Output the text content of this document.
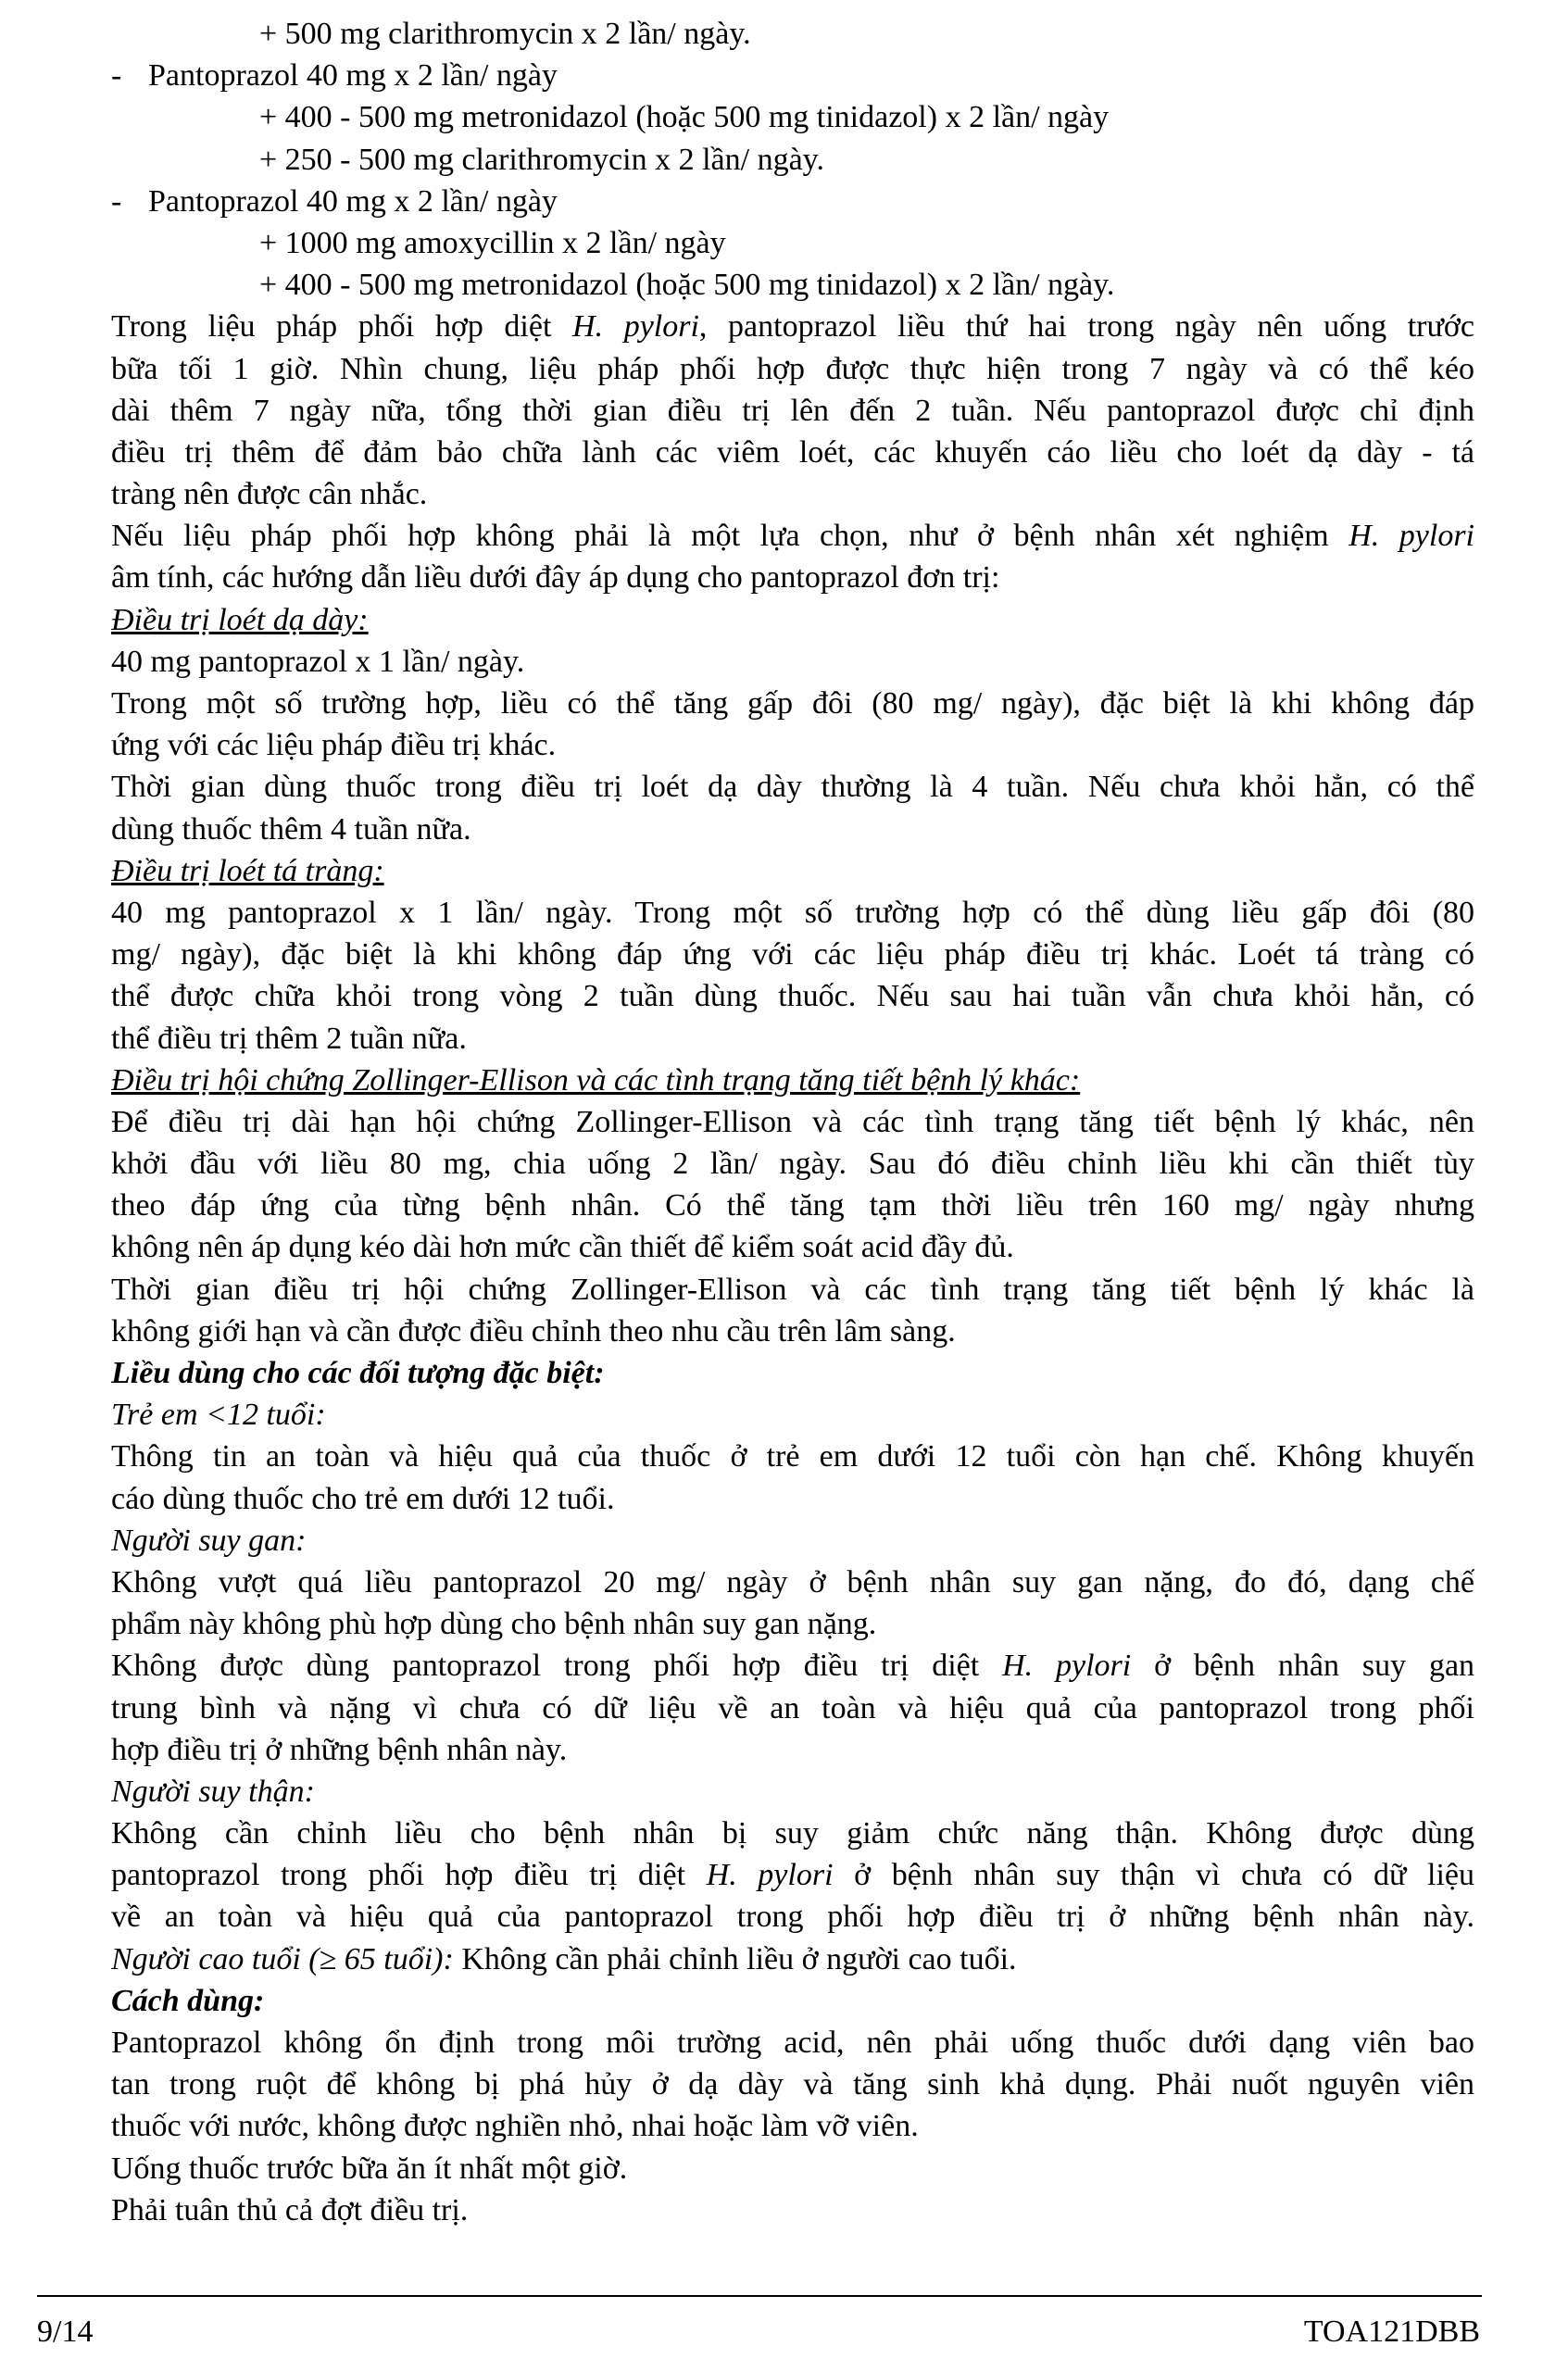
+ 500 mg clarithromycin x 2 lần/ ngày.
- Pantoprazol 40 mg x 2 lần/ ngày
+ 400 - 500 mg metronidazol (hoặc 500 mg tinidazol) x 2 lần/ ngày
+ 250 - 500 mg clarithromycin x 2 lần/ ngày.
- Pantoprazol 40 mg x 2 lần/ ngày
+ 1000 mg amoxycillin x 2 lần/ ngày
+ 400 - 500 mg metronidazol (hoặc 500 mg tinidazol) x 2 lần/ ngày.
Trong liệu pháp phối hợp diệt H. pylori, pantoprazol liều thứ hai trong ngày nên uống trước
bữa tối 1 giờ. Nhìn chung, liệu pháp phối hợp được thực hiện trong 7 ngày và có thể kéo
dài thêm 7 ngày nữa, tổng thời gian điều trị lên đến 2 tuần. Nếu pantoprazol được chỉ định
điều trị thêm để đảm bảo chữa lành các viêm loét, các khuyến cáo liều cho loét dạ dày - tá
tràng nên được cân nhắc.
Nếu liệu pháp phối hợp không phải là một lựa chọn, như ở bệnh nhân xét nghiệm H. pylori
âm tính, các hướng dẫn liều dưới đây áp dụng cho pantoprazol đơn trị:
Điều trị loét dạ dày:
40 mg pantoprazol x 1 lần/ ngày.
Trong một số trường hợp, liều có thể tăng gấp đôi (80 mg/ ngày), đặc biệt là khi không đáp
ứng với các liệu pháp điều trị khác.
Thời gian dùng thuốc trong điều trị loét dạ dày thường là 4 tuần. Nếu chưa khỏi hẳn, có thể
dùng thuốc thêm 4 tuần nữa.
Điều trị loét tá tràng:
40 mg pantoprazol x 1 lần/ ngày. Trong một số trường hợp có thể dùng liều gấp đôi (80
mg/ ngày), đặc biệt là khi không đáp ứng với các liệu pháp điều trị khác. Loét tá tràng có
thể được chữa khỏi trong vòng 2 tuần dùng thuốc. Nếu sau hai tuần vẫn chưa khỏi hẳn, có
thể điều trị thêm 2 tuần nữa.
Điều trị hội chứng Zollinger-Ellison và các tình trạng tăng tiết bệnh lý khác:
Để điều trị dài hạn hội chứng Zollinger-Ellison và các tình trạng tăng tiết bệnh lý khác, nên
khởi đầu với liều 80 mg, chia uống 2 lần/ ngày. Sau đó điều chỉnh liều khi cần thiết tùy
theo đáp ứng của từng bệnh nhân. Có thể tăng tạm thời liều trên 160 mg/ ngày nhưng
không nên áp dụng kéo dài hơn mức cần thiết để kiểm soát acid đầy đủ.
Thời gian điều trị hội chứng Zollinger-Ellison và các tình trạng tăng tiết bệnh lý khác là
không giới hạn và cần được điều chỉnh theo nhu cầu trên lâm sàng.
Liều dùng cho các đối tượng đặc biệt:
Trẻ em <12 tuổi:
Thông tin an toàn và hiệu quả của thuốc ở trẻ em dưới 12 tuổi còn hạn chế. Không khuyến
cáo dùng thuốc cho trẻ em dưới 12 tuổi.
Người suy gan:
Không vượt quá liều pantoprazol 20 mg/ ngày ở bệnh nhân suy gan nặng, đo đó, dạng chế
phẩm này không phù hợp dùng cho bệnh nhân suy gan nặng.
Không được dùng pantoprazol trong phối hợp điều trị diệt H. pylori ở bệnh nhân suy gan
trung bình và nặng vì chưa có dữ liệu về an toàn và hiệu quả của pantoprazol trong phối
hợp điều trị ở những bệnh nhân này.
Người suy thận:
Không cần chỉnh liều cho bệnh nhân bị suy giảm chức năng thận. Không được dùng
pantoprazol trong phối hợp điều trị diệt H. pylori ở bệnh nhân suy thận vì chưa có dữ liệu
về an toàn và hiệu quả của pantoprazol trong phối hợp điều trị ở những bệnh nhân này.
Người cao tuổi (≥ 65 tuổi): Không cần phải chỉnh liều ở người cao tuổi.
Cách dùng:
Pantoprazol không ổn định trong môi trường acid, nên phải uống thuốc dưới dạng viên bao
tan trong ruột để không bị phá hủy ở dạ dày và tăng sinh khả dụng. Phải nuốt nguyên viên
thuốc với nước, không được nghiền nhỏ, nhai hoặc làm vỡ viên.
Uống thuốc trước bữa ăn ít nhất một giờ.
Phải tuân thủ cả đợt điều trị.
9/14	TOA121DBB
